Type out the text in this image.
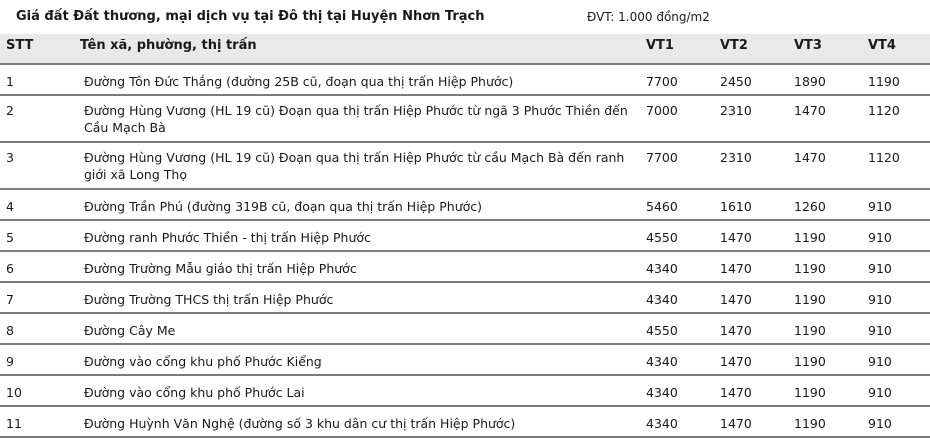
Giá đất Đất thương, mại dịch vụ tại Đô thị tại Huyện Nhơn Trạch	ĐVT: 1.000 đồng/m2
STT	Tên xã, phường, thị trấn	VT1	VT2	VT3	VT4
1	Đường Tôn Đức Thắng (đường 25B cũ, đoạn qua thị trấn Hiệp Phước)	7700	2450	1890	1190
2	Đường Hùng Vương (HL 19 cũ) Đoạn qua thị trấn Hiệp Phước từ ngã 3 Phước Thiền đến Cầu Mạch Bà	7000	2310	1470	1120
3	Đường Hùng Vương (HL 19 cũ) Đoạn qua thị trấn Hiệp Phước từ cầu Mạch Bà đến ranh giới xã Long Thọ	7700	2310	1470	1120
4	Đường Trần Phú (đường 319B cũ, đoạn qua thị trấn Hiệp Phước)	5460	1610	1260	910
5	Đường ranh Phước Thiền - thị trấn Hiệp Phước	4550	1470	1190	910
6	Đường Trường Mẫu giáo thị trấn Hiệp Phước	4340	1470	1190	910
7	Đường Trường THCS thị trấn Hiệp Phước	4340	1470	1190	910
8	Đường Cây Me	4550	1470	1190	910
9	Đường vào cổng khu phố Phước Kiểng	4340	1470	1190	910
10	Đường vào cổng khu phố Phước Lai	4340	1470	1190	910
11	Đường Huỳnh Văn Nghệ (đường số 3 khu dân cư thị trấn Hiệp Phước)	4340	1470	1190	910
